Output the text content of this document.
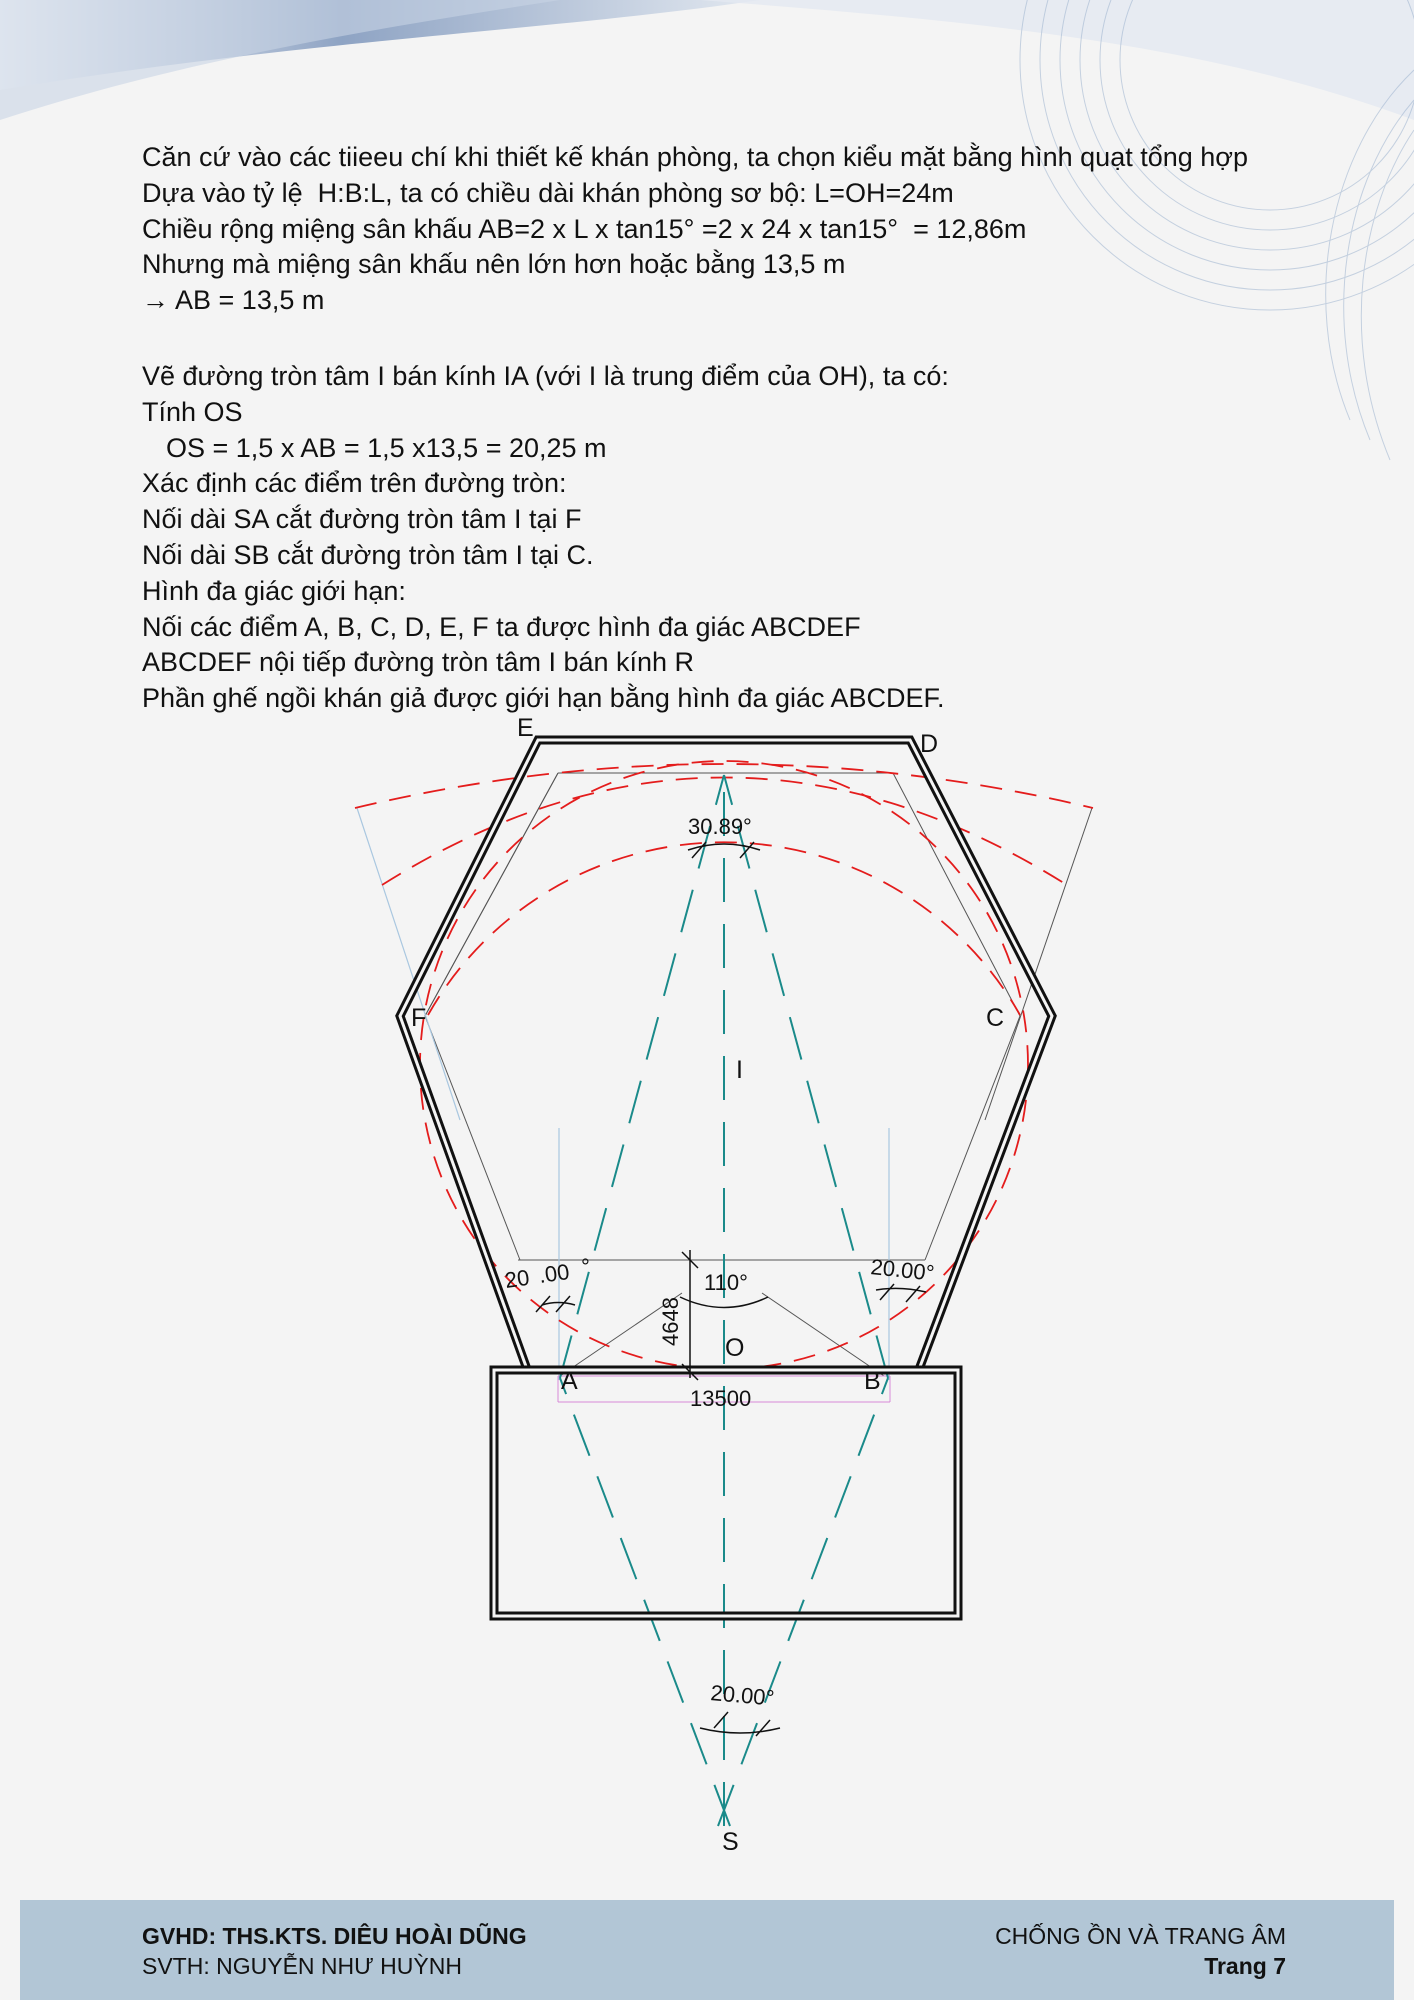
Căn cứ vào các tiieeu chí khi thiết kế khán phòng, ta chọn kiểu mặt bằng hình quạt tổng hợp
Dựa vào tỷ lệ  H:B:L, ta có chiều dài khán phòng sơ bộ: L=OH=24m
Chiều rộng miệng sân khấu AB=2 x L x tan15° =2 x 24 x tan15°  = 12,86m
Nhưng mà miệng sân khấu nên lớn hơn hoặc bằng 13,5 m
→ AB = 13,5 m
Vẽ đường tròn tâm I bán kính IA (với I là trung điểm của OH), ta có:
Tính OS
OS = 1,5 x AB = 1,5 x13,5 = 20,25 m
Xác định các điểm trên đường tròn:
Nối dài SA cắt đường tròn tâm I tại F
Nối dài SB cắt đường tròn tâm I tại C.
Hình đa giác giới hạn:
Nối các điểm A, B, C, D, E, F ta được hình đa giác ABCDEF
ABCDEF nội tiếp đường tròn tâm I bán kính R
Phần ghế ngồi khán giả được giới hạn bằng hình đa giác ABCDEF.
E
D
F	C
I
O
A	B
S
30.89°
20 .00 °	20.00°
110°
4648
13500
20.00°
GVHD: THS.KTS. DIÊU HOÀI DŨNG
SVTH: NGUYỄN NHƯ HUỲNH
CHỐNG ỒN VÀ TRANG ÂM
Trang 7
